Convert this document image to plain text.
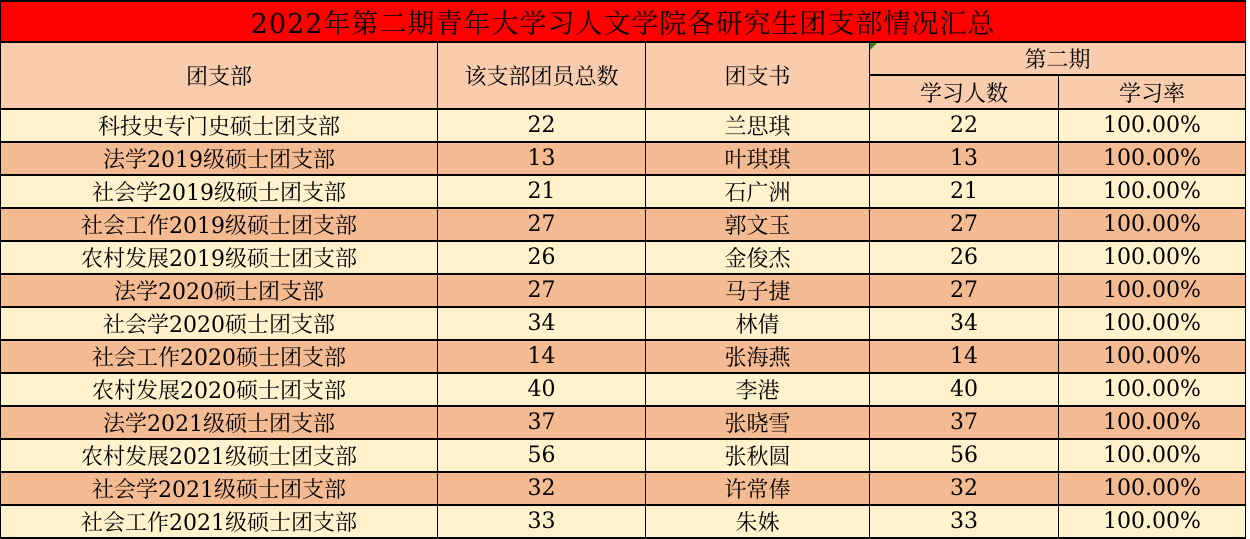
2022年第二期青年大学习人文学院各研究生团支部情况汇总				
团支部	该支部团员总数	团支书	第二期	
			学习人数	学习率
科技史专门史硕士团支部	22	兰思琪	22	100.00%
法学2019级硕士团支部	13	叶琪琪	13	100.00%
社会学2019级硕士团支部	21	石广洲	21	100.00%
社会工作2019级硕士团支部	27	郭文玉	27	100.00%
农村发展2019级硕士团支部	26	金俊杰	26	100.00%
法学2020硕士团支部	27	马子捷	27	100.00%
社会学2020硕士团支部	34	林倩	34	100.00%
社会工作2020硕士团支部	14	张海燕	14	100.00%
农村发展2020硕士团支部	40	李港	40	100.00%
法学2021级硕士团支部	37	张晓雪	37	100.00%
农村发展2021级硕士团支部	56	张秋圆	56	100.00%
社会学2021级硕士团支部	32	许常俸	32	100.00%
社会工作2021级硕士团支部	33	朱姝	33	100.00%
